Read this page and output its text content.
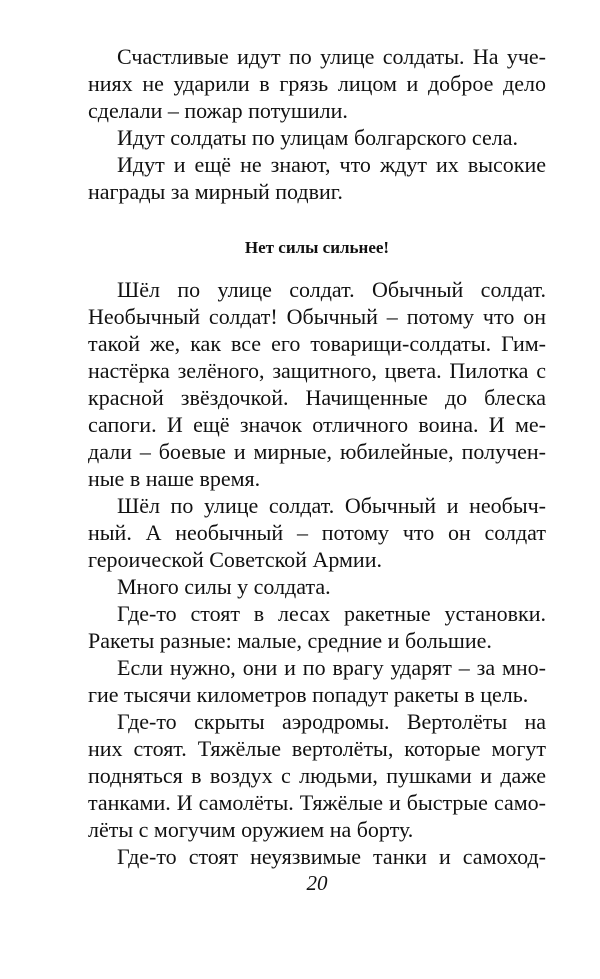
Счастливые идут по улице солдаты. На уче-
ниях не ударили в грязь лицом и доброе дело
сделали – пожар потушили.
Идут солдаты по улицам болгарского села.
Идут и ещё не знают, что ждут их высокие
награды за мирный подвиг.
Нет силы сильнее!
Шёл по улице солдат. Обычный солдат.
Необычный солдат! Обычный – потому что он
такой же, как все его товарищи-солдаты. Гим-
настёрка зелёного, защитного, цвета. Пилотка с
красной звёздочкой. Начищенные до блеска
сапоги. И ещё значок отличного воина. И ме-
дали – боевые и мирные, юбилейные, получен-
ные в наше время.
Шёл по улице солдат. Обычный и необыч-
ный. А необычный – потому что он солдат
героической Советской Армии.
Много силы у солдата.
Где-то стоят в лесах ракетные установки.
Ракеты разные: малые, средние и большие.
Если нужно, они и по врагу ударят – за мно-
гие тысячи километров попадут ракеты в цель.
Где-то скрыты аэродромы. Вертолёты на
них стоят. Тяжёлые вертолёты, которые могут
подняться в воздух с людьми, пушками и даже
танками. И самолёты. Тяжёлые и быстрые само-
лёты с могучим оружием на борту.
Где-то стоят неуязвимые танки и самоход-
20
